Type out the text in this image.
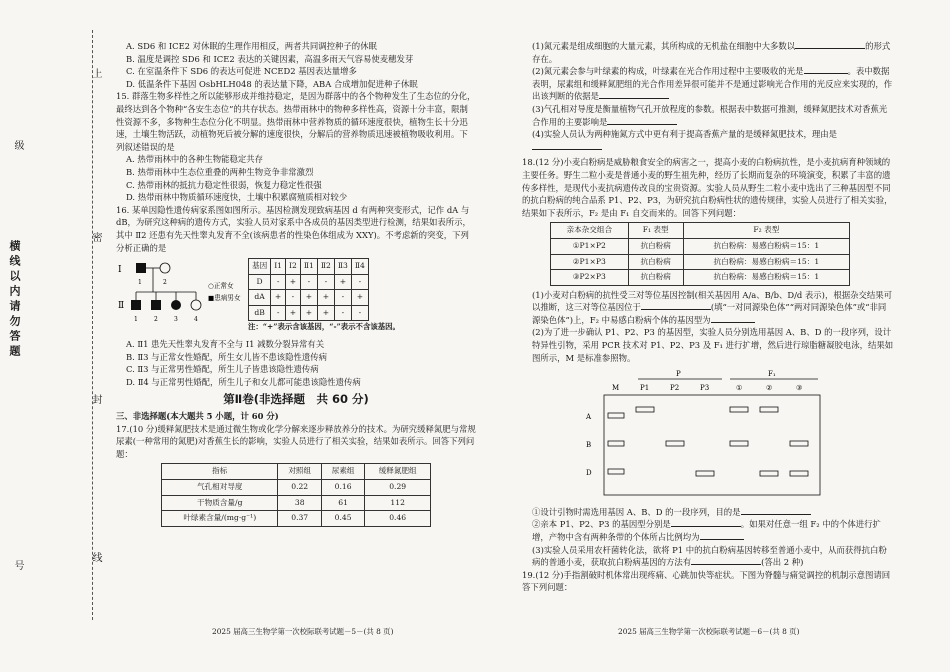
上
密
封
线
横线以内请勿答题
级
号

A. SD6 和 ICE2 对休眠的生理作用相反，两者共同调控种子的休眠

B. 温度是调控 SD6 和 ICE2 表达的关键因素，高温多雨天气容易使麦穗发芽

C. 在室温条件下 SD6 的表达可促进 NCED2 基因表达量增多

D. 低温条件下基因 OsbHLH048 的表达量下降，ABA 合成增加促进种子休眠

15. 群落生物多样性之所以能够形成并维持稳定，是因为群落中的各个物种发生了生态位的分化，最终达到各个物种“各安生态位”的共存状态。热带雨林中的物种多样性高，资源十分丰富，限制性资源不多，多物种生态位分化不明显。热带雨林中营养物质的循环速度很快，植物生长十分迅速，土壤生物活跃，动植物死后被分解的速度很快，分解后的营养物质迅速被植物吸收利用。下列叙述错误的是

A. 热带雨林中的各种生物能稳定共存

B. 热带雨林中生态位重叠的两种生物竞争非常激烈

C. 热带雨林的抵抗力稳定性很弱，恢复力稳定性很强

D. 热带雨林中物质循环速度快，土壤中积累腐殖质相对较少

16. 某单因隐性遗传病家系图如图所示。基因检测发现致病基因 d 有两种突变形式，记作 dA 与 dB，为研究这种病的遗传方式，实验人员对家系中各成员的基因类型进行检测，结果如表所示，其中 Ⅱ2 还患有先天性睾丸发育不全(该病患者的性染色体组成为 XXY)。不考虑新的突变，下列分析正确的是

Ⅰ
Ⅱ
1	2
1	2	3	4
○正常女
■患病男女
基因	Ⅰ1	Ⅰ2	Ⅱ1	Ⅱ2	Ⅱ3	Ⅱ4
D	-	+	-	-	+	-
dA	+	-	+	+	-	+
dB	-	+	+	+	-	-

注：“+”表示含该基因，“-”表示不含该基因。

A. Ⅱ1 患先天性睾丸发育不全与 Ⅰ1 减数分裂异常有关

B. Ⅱ3 与正常女性婚配，所生女儿皆不患该隐性遗传病

C. Ⅱ3 与正常男性婚配，所生儿子皆患该隐性遗传病

D. Ⅱ4 与正常男性婚配，所生儿子和女儿都可能患该隐性遗传病

第Ⅱ卷(非选择题　共 60 分)

三、非选择题(本大题共 5 小题，计 60 分)

17.(10 分)缓释氮肥技术是通过微生物或化学分解来逐步释放养分的技术。为研究缓释氮肥与常规尿素(一种常用的氮肥)对香蕉生长的影响，实验人员进行了相关实验，结果如表所示。回答下列问题：

指标	对照组	尿素组	缓释氮肥组
气孔相对导度	0.22	0.16	0.29
干物质含量/g	38	61	112
叶绿素含量/(mg·g⁻¹)	0.37	0.45	0.46
2025 届高三生物学第一次校际联考试题－5－(共 8 页)

(1)氮元素是组成细胞的大量元素，其所构成的无机盐在细胞中大多数以	的形式存在。

(2)氮元素会参与叶绿素的构成，叶绿素在光合作用过程中主要吸收的光是	。表中数据表明，尿素组和缓释氮肥组的光合作用差异很可能并不是通过影响光合作用的光反应来实现的，作出该判断的依据是

(3)气孔相对导度是衡量植物气孔开放程度的参数。根据表中数据可推测，缓释氮肥技术对香蕉光合作用的主要影响是

(4)实验人员认为两种施氮方式中更有利于提高香蕉产量的是缓释氮肥技术，理由是

18.(12 分)小麦白粉病是威胁粮食安全的病害之一，提高小麦的白粉病抗性，是小麦抗病育种领域的主要任务。野生二粒小麦是普通小麦的野生祖先种，经历了长期而复杂的环境演变，积累了丰富的遗传多样性，是现代小麦抗病遗传改良的宝贵资源。实验人员从野生二粒小麦中选出了三种基因型不同的抗白粉病的纯合品系 P1、P2、P3，为研究抗白粉病性状的遗传规律，实验人员进行了相关实验，结果如下表所示，F₂ 是由 F₁ 自交而来的。回答下列问题：

亲本杂交组合	F₁ 表型	F₂ 表型
①P1×P2	抗白粉病	抗白粉病：易感白粉病＝15：1
②P1×P3	抗白粉病	抗白粉病：易感白粉病＝15：1
③P2×P3	抗白粉病	抗白粉病：易感白粉病＝15：1

(1)小麦对白粉病的抗性受三对等位基因控制(相关基因用 A/a、B/b、D/d 表示)，根据杂交结果可以推断，这三对等位基因位于	(填“一对同源染色体”“两对同源染色体”或“非同源染色体”)上，F₂ 中易感白粉病个体的基因型为

(2)为了进一步确认 P1、P2、P3 的基因型，实验人员分别选用基因 A、B、D 的一段序列，设计特异性引物，采用 PCR 技术对 P1、P2、P3 及 F₁ 进行扩增，然后进行琼脂糖凝胶电泳，结果如图所示，M 是标准参照物。

P	F₁
M	P1	P2	P3	①	②	③
A
B
D

①设计引物时需选用基因 A、B、D 的一段序列，目的是

②亲本 P1、P2、P3 的基因型分别是	。如果对任意一组 F₂ 中的个体进行扩增，产物中含有两种条带的个体所占比例均为

(3)实验人员采用农杆菌转化法，欲将 P1 中的抗白粉病基因转移至普通小麦中，从而获得抗白粉病的普通小麦，获取抗白粉病基因的方法有	(答出 2 种)

19.(12 分)手指割破时机体常出现疼痛、心跳加快等症状。下图为脊髓与痛觉调控的机制示意图请回答下列问题：

2025 届高三生物学第一次校际联考试题－6－(共 8 页)
